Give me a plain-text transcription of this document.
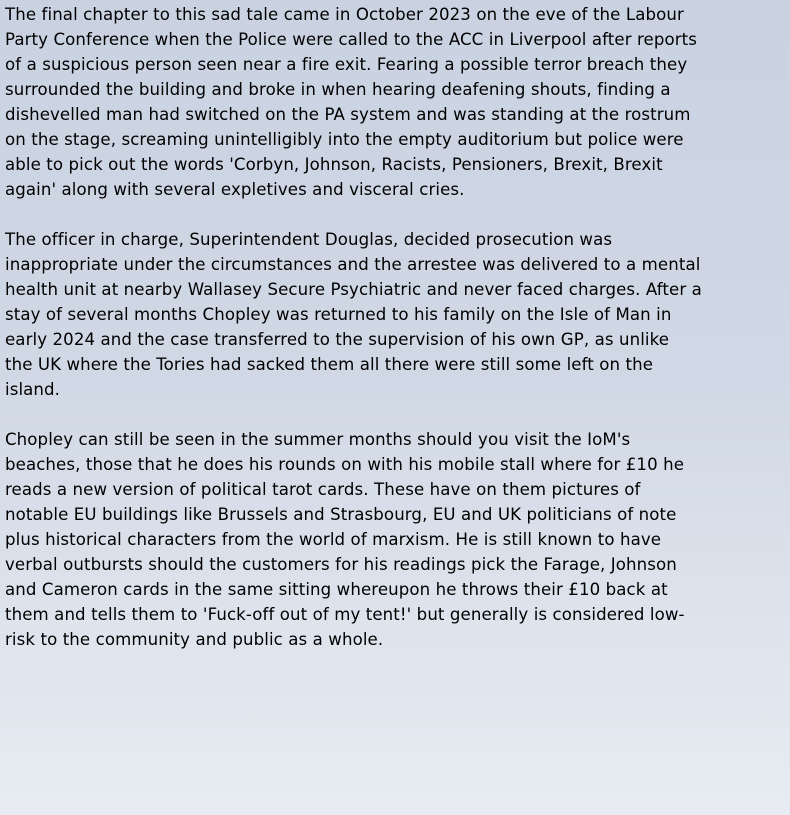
The final chapter to this sad tale came in October 2023 on the eve of the Labour
Party Conference when the Police were called to the ACC in Liverpool after reports
of a suspicious person seen near a fire exit. Fearing a possible terror breach they
surrounded the building and broke in when hearing deafening shouts, finding a
dishevelled man had switched on the PA system and was standing at the rostrum
on the stage, screaming unintelligibly into the empty auditorium but police were
able to pick out the words 'Corbyn, Johnson, Racists, Pensioners, Brexit, Brexit
again' along with several expletives and visceral cries.

The officer in charge, Superintendent Douglas, decided prosecution was
inappropriate under the circumstances and the arrestee was delivered to a mental
health unit at nearby Wallasey Secure Psychiatric and never faced charges. After a
stay of several months Chopley was returned to his family on the Isle of Man in
early 2024 and the case transferred to the supervision of his own GP, as unlike
the UK where the Tories had sacked them all there were still some left on the
island.

Chopley can still be seen in the summer months should you visit the IoM's
beaches, those that he does his rounds on with his mobile stall where for £10 he
reads a new version of political tarot cards. These have on them pictures of
notable EU buildings like Brussels and Strasbourg, EU and UK politicians of note
plus historical characters from the world of marxism. He is still known to have
verbal outbursts should the customers for his readings pick the Farage, Johnson
and Cameron cards in the same sitting whereupon he throws their £10 back at
them and tells them to 'Fuck-off out of my tent!' but generally is considered low-
risk to the community and public as a whole.
